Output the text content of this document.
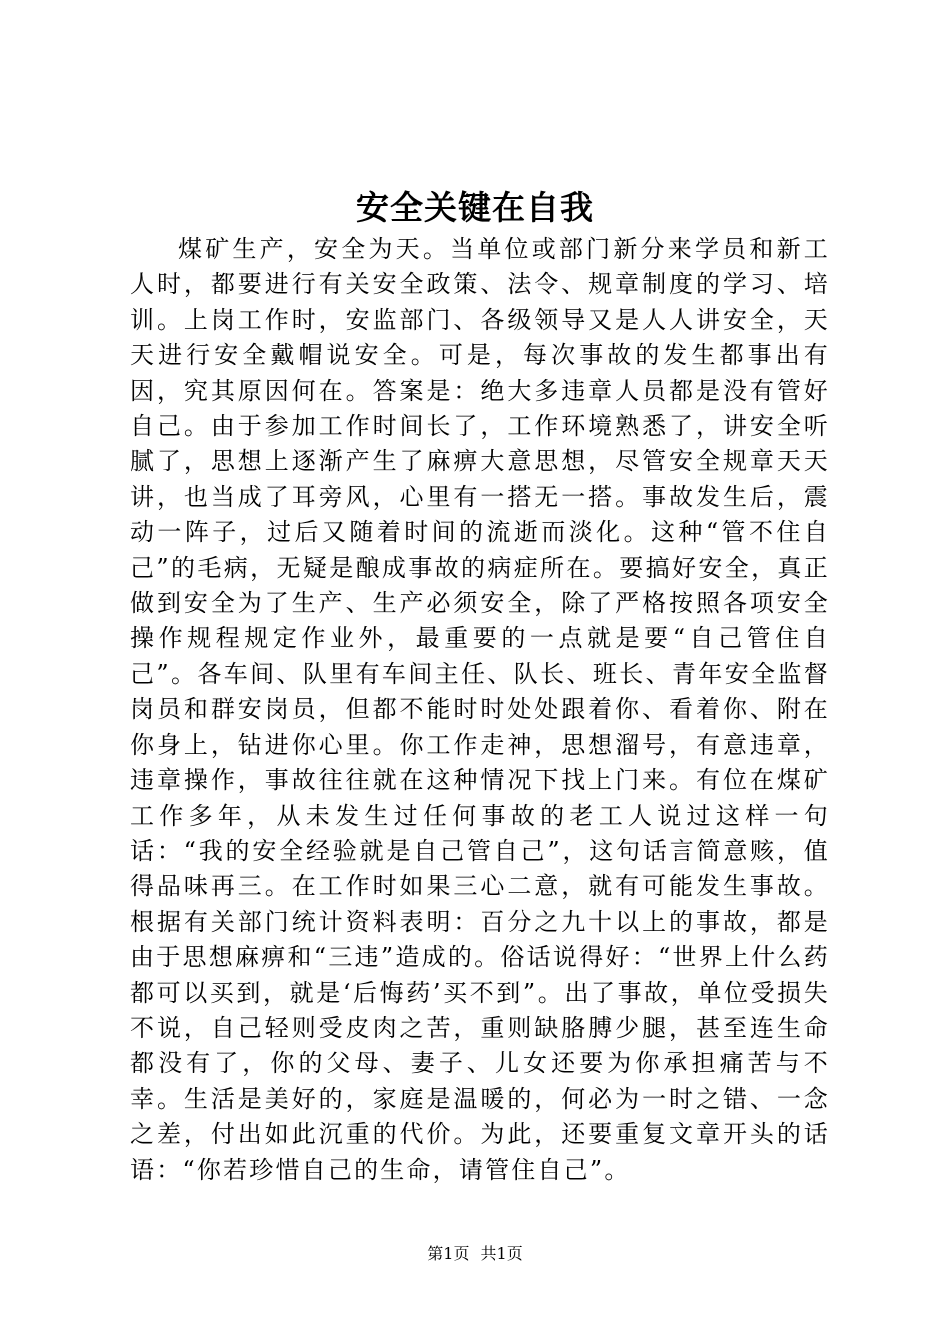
安全关键在自我

煤矿生产，安全为天。当单位或部门新分来学员和新工人时，都要进行有关安全政策、法令、规章制度的学习、培训。上岗工作时，安监部门、各级领导又是人人讲安全，天天进行安全戴帽说安全。可是，每次事故的发生都事出有因，究其原因何在。答案是：绝大多违章人员都是没有管好自己。由于参加工作时间长了，工作环境熟悉了，讲安全听腻了，思想上逐渐产生了麻痹大意思想，尽管安全规章天天讲，也当成了耳旁风，心里有一搭无一搭。事故发生后，震动一阵子，过后又随着时间的流逝而淡化。这种“管不住自己”的毛病，无疑是酿成事故的病症所在。要搞好安全，真正做到安全为了生产、生产必须安全，除了严格按照各项安全操作规程规定作业外，最重要的一点就是要“自己管住自己”。各车间、队里有车间主任、队长、班长、青年安全监督岗员和群安岗员，但都不能时时处处跟着你、看着你、附在你身上，钻进你心里。你工作走神，思想溜号，有意违章，违章操作，事故往往就在这种情况下找上门来。有位在煤矿工作多年，从未发生过任何事故的老工人说过这样一句话：“我的安全经验就是自己管自己”，这句话言简意赅，值得品味再三。在工作时如果三心二意，就有可能发生事故。根据有关部门统计资料表明：百分之九十以上的事故，都是由于思想麻痹和“三违”造成的。俗话说得好：“世界上什么药都可以买到，就是‘后悔药’买不到”。出了事故，单位受损失不说，自己轻则受皮肉之苦，重则缺胳膊少腿，甚至连生命都没有了，你的父母、妻子、儿女还要为你承担痛苦与不幸。生活是美好的，家庭是温暖的，何必为一时之错、一念之差，付出如此沉重的代价。为此，还要重复文章开头的话语：“你若珍惜自己的生命，请管住自己”。

第1页 共1页
